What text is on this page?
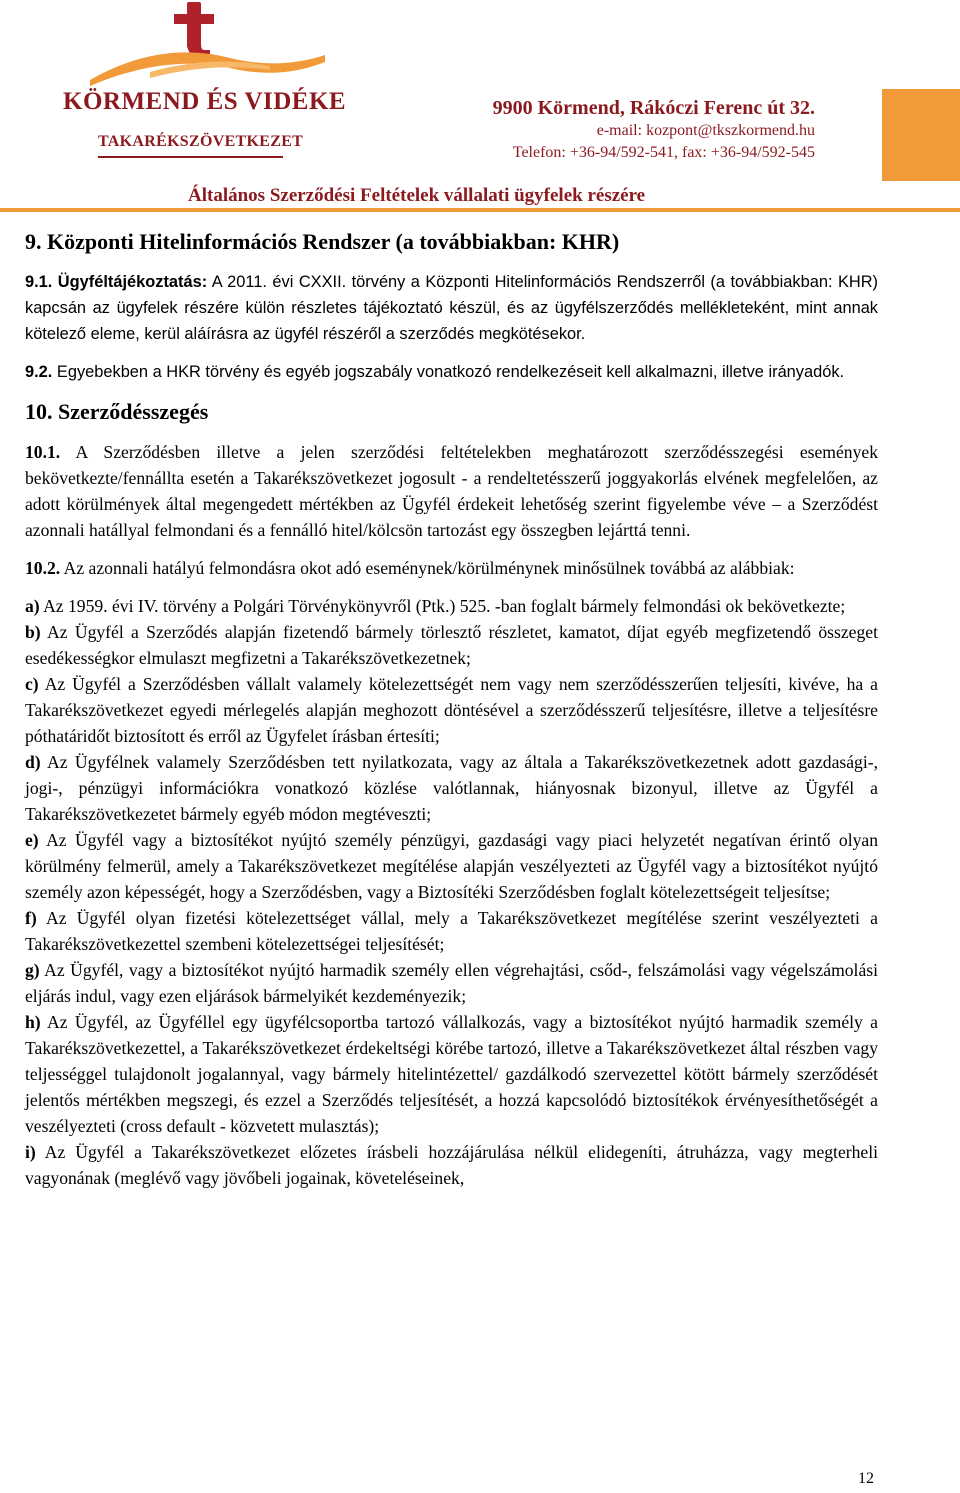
KÖRMEND ÉS VIDÉKE
TAKARÉKSZÖVETKEZET
9900 Körmend, Rákóczi Ferenc út 32.
e-mail: kozpont@tkszkormend.hu
Telefon: +36-94/592-541, fax: +36-94/592-545
Általános Szerződési Feltételek vállalati ügyfelek részére
9. Központi Hitelinformációs Rendszer (a továbbiakban: KHR)

9.1. Ügyféltájékoztatás: A 2011. évi CXXII. törvény a Központi Hitelinformációs Rendszerről (a továbbiakban: KHR) kapcsán az ügyfelek részére külön részletes tájékoztató készül, és az ügyfélszerződés mellékleteként, mint annak kötelező eleme, kerül aláírásra az ügyfél részéről a szerződés megkötésekor.

9.2. Egyebekben a HKR törvény és egyéb jogszabály vonatkozó rendelkezéseit kell alkalmazni, illetve irányadók.

10. Szerződésszegés

10.1. A Szerződésben illetve a jelen szerződési feltételekben meghatározott szerződésszegési események bekövetkezte/fennállta esetén a Takarékszövetkezet jogosult - a rendeltetésszerű joggyakorlás elvének megfelelően, az adott körülmények által megengedett mértékben az Ügyfél érdekeit lehetőség szerint figyelembe véve – a Szerződést azonnali hatállyal felmondani és a fennálló hitel/kölcsön tartozást egy összegben lejárttá tenni.

10.2. Az azonnali hatályú felmondásra okot adó eseménynek/körülménynek minősülnek továbbá az alábbiak:

a) Az 1959. évi IV. törvény a Polgári Törvénykönyvről (Ptk.) 525. -ban foglalt bármely felmondási ok bekövetkezte;

b) Az Ügyfél a Szerződés alapján fizetendő bármely törlesztő részletet, kamatot, díjat egyéb megfizetendő összeget esedékességkor elmulaszt megfizetni a Takarékszövetkezetnek;

c) Az Ügyfél a Szerződésben vállalt valamely kötelezettségét nem vagy nem szerződésszerűen teljesíti, kivéve, ha a Takarékszövetkezet egyedi mérlegelés alapján meghozott döntésével a szerződésszerű teljesítésre, illetve a teljesítésre póthatáridőt biztosított és erről az Ügyfelet írásban értesíti;

d) Az Ügyfélnek valamely Szerződésben tett nyilatkozata, vagy az általa a Takarékszövetkezetnek adott gazdasági-, jogi-, pénzügyi információkra vonatkozó közlése valótlannak, hiányosnak bizonyul, illetve az Ügyfél a Takarékszövetkezetet bármely egyéb módon megtéveszti;

e) Az Ügyfél vagy a biztosítékot nyújtó személy pénzügyi, gazdasági vagy piaci helyzetét negatívan érintő olyan körülmény felmerül, amely a Takarékszövetkezet megítélése alapján veszélyezteti az Ügyfél vagy a biztosítékot nyújtó személy azon képességét, hogy a Szerződésben, vagy a Biztosítéki Szerződésben foglalt kötelezettségeit teljesítse;

f) Az Ügyfél olyan fizetési kötelezettséget vállal, mely a Takarékszövetkezet megítélése szerint veszélyezteti a Takarékszövetkezettel szembeni kötelezettségei teljesítését;

g) Az Ügyfél, vagy a biztosítékot nyújtó harmadik személy ellen végrehajtási, csőd-, felszámolási vagy végelszámolási eljárás indul, vagy ezen eljárások bármelyikét kezdeményezik;

h) Az Ügyfél, az Ügyféllel egy ügyfélcsoportba tartozó vállalkozás, vagy a biztosítékot nyújtó harmadik személy a Takarékszövetkezettel, a Takarékszövetkezet érdekeltségi körébe tartozó, illetve a Takarékszövetkezet által részben vagy teljességgel tulajdonolt jogalannyal, vagy bármely hitelintézettel/ gazdálkodó szervezettel kötött bármely szerződését jelentős mértékben megszegi, és ezzel a Szerződés teljesítését, a hozzá kapcsolódó biztosítékok érvényesíthetőségét a veszélyezteti (cross default - közvetett mulasztás);

i) Az Ügyfél a Takarékszövetkezet előzetes írásbeli hozzájárulása nélkül elidegeníti, átruházza, vagy megterheli vagyonának (meglévő vagy jövőbeli jogainak, követeléseinek,

12
